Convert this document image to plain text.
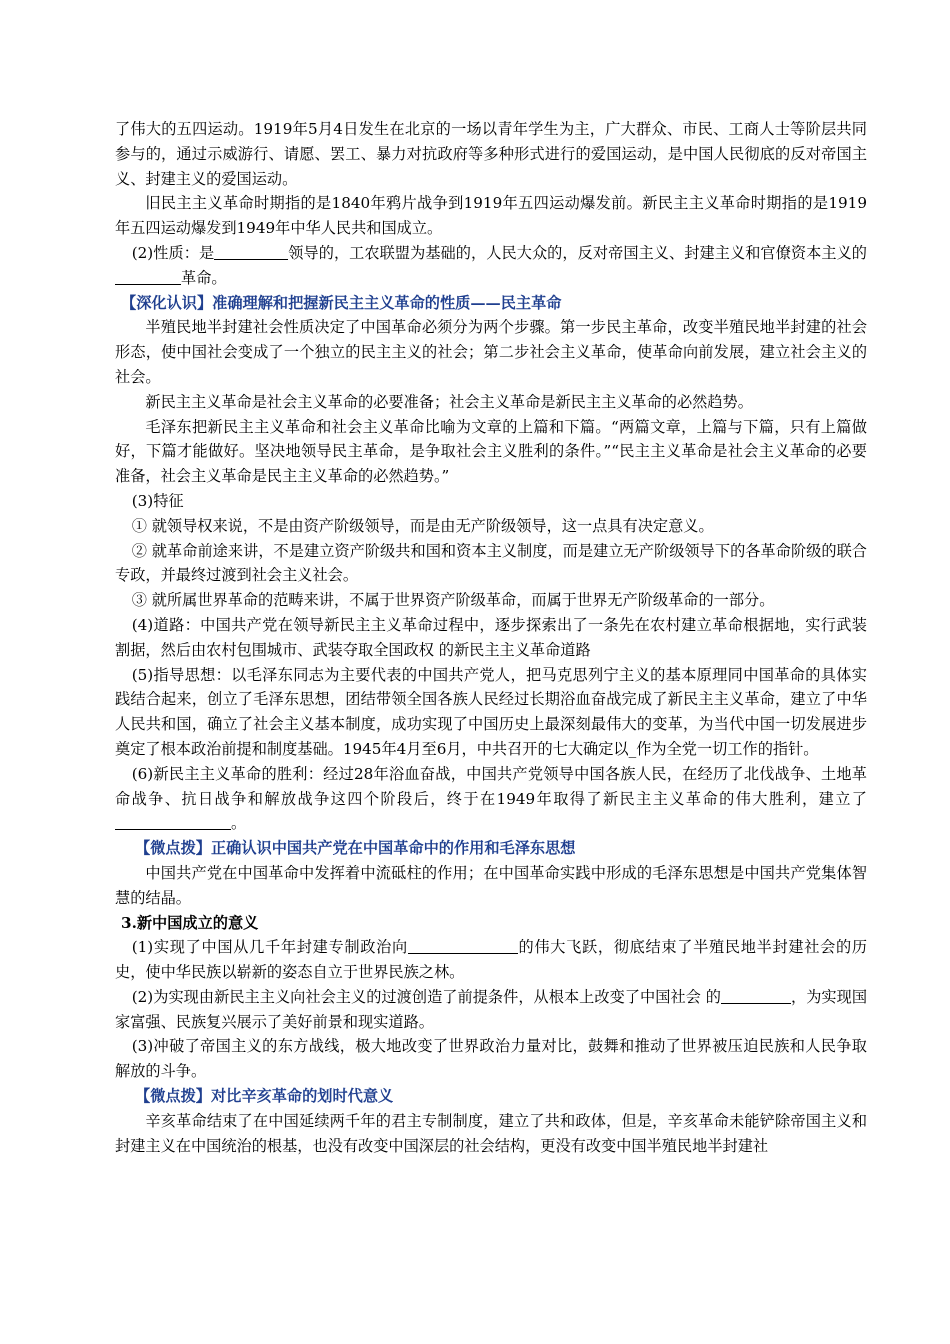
了伟大的五四运动。1919年5月4日发生在北京的一场以青年学生为主，广大群众、市民、工商人士等阶层共同参与的，通过示威游行、请愿、罢工、暴力对抗政府等多种形式进行的爱国运动，是中国人民彻底的反对帝国主义、封建主义的爱国运动。

旧民主主义革命时期指的是1840年鸦片战争到1919年五四运动爆发前。新民主主义革命时期指的是1919年五四运动爆发到1949年中华人民共和国成立。

(2)性质：是	领导的，工农联盟为基础的，人民大众的，反对帝国主义、封建主义和官僚资本主义的革命。

【深化认识】准确理解和把握新民主主义革命的性质——民主革命

半殖民地半封建社会性质决定了中国革命必须分为两个步骤。第一步民主革命，改变半殖民地半封建的社会形态，使中国社会变成了一个独立的民主主义的社会；第二步社会主义革命，使革命向前发展，建立社会主义的社会。

新民主主义革命是社会主义革命的必要准备；社会主义革命是新民主主义革命的必然趋势。

毛泽东把新民主主义革命和社会主义革命比喻为文章的上篇和下篇。“两篇文章，上篇与下篇，只有上篇做好，下篇才能做好。坚决地领导民主革命，是争取社会主义胜利的条件。”“民主主义革命是社会主义革命的必要准备，社会主义革命是民主主义革命的必然趋势。”

(3)特征

① 就领导权来说，不是由资产阶级领导，而是由无产阶级领导，这一点具有决定意义。

② 就革命前途来讲，不是建立资产阶级共和国和资本主义制度，而是建立无产阶级领导下的各革命阶级的联合专政，并最终过渡到社会主义社会。

③ 就所属世界革命的范畴来讲，不属于世界资产阶级革命，而属于世界无产阶级革命的一部分。

(4)道路：中国共产党在领导新民主主义革命过程中，逐步探索出了一条先在农村建立革命根据地，实行武装割据，然后由农村包围城市、武装夺取全国政权 的新民主主义革命道路

(5)指导思想：以毛泽东同志为主要代表的中国共产党人，把马克思列宁主义的基本原理同中国革命的具体实践结合起来，创立了毛泽东思想，团结带领全国各族人民经过长期浴血奋战完成了新民主主义革命，建立了中华人民共和国，确立了社会主义基本制度，成功实现了中国历史上最深刻最伟大的变革，为当代中国一切发展进步奠定了根本政治前提和制度基础。1945年4月至6月，中共召开的七大确定以_作为全党一切工作的指针。

(6)新民主主义革命的胜利：经过28年浴血奋战，中国共产党领导中国各族人民，在经历了北伐战争、土地革命战争、抗日战争和解放战争这四个阶段后，终于在1949年取得了新民主主义革命的伟大胜利，建立了。

【微点拨】正确认识中国共产党在中国革命中的作用和毛泽东思想

中国共产党在中国革命中发挥着中流砥柱的作用；在中国革命实践中形成的毛泽东思想是中国共产党集体智慧的结晶。

3.新中国成立的意义

(1)实现了中国从几千年封建专制政治向	的伟大飞跃，彻底结束了半殖民地半封建社会的历史，使中华民族以崭新的姿态自立于世界民族之林。

(2)为实现由新民主主义向社会主义的过渡创造了前提条件，从根本上改变了中国社会 的	，为实现国家富强、民族复兴展示了美好前景和现实道路。

(3)冲破了帝国主义的东方战线，极大地改变了世界政治力量对比，鼓舞和推动了世界被压迫民族和人民争取解放的斗争。

【微点拨】对比辛亥革命的划时代意义

辛亥革命结束了在中国延续两千年的君主专制制度，建立了共和政体，但是，辛亥革命未能铲除帝国主义和封建主义在中国统治的根基，也没有改变中国深层的社会结构，更没有改变中国半殖民地半封建社
